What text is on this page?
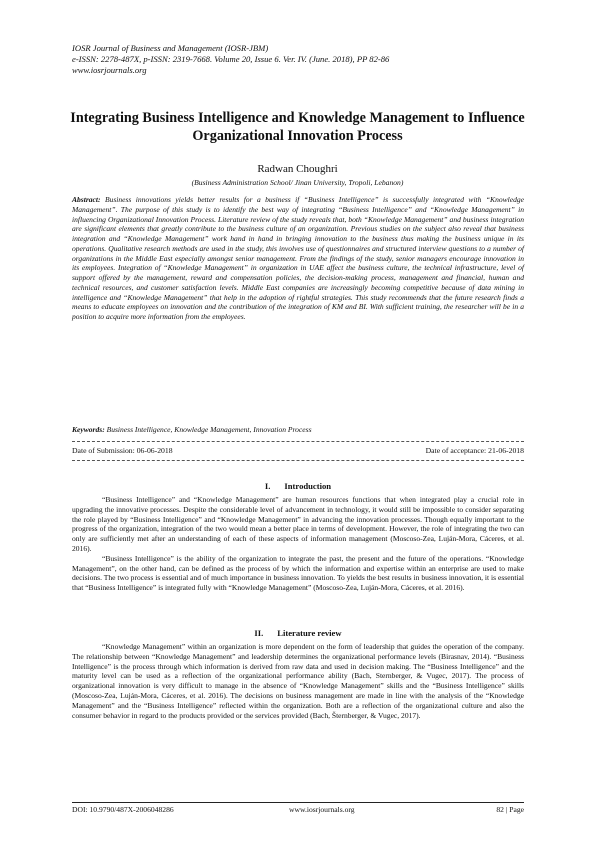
IOSR Journal of Business and Management (IOSR-JBM)
e-ISSN: 2278-487X, p-ISSN: 2319-7668. Volume 20, Issue 6. Ver. IV. (June. 2018), PP 82-86
www.iosrjournals.org
Integrating Business Intelligence and Knowledge Management to Influence Organizational Innovation Process
Radwan Choughri
(Business Administration School/ Jinan University, Tropoli, Lebanon)
Abstract: Business innovations yields better results for a business if “Business Intelligence” is successfully integrated with “Knowledge Management”. The purpose of this study is to identify the best way of integrating “Business Intelligence” and “Knowledge Management” in influencing Organizational Innovation Process. Literature review of the study reveals that, both “Knowledge Management” and business integration are significant elements that greatly contribute to the business culture of an organization. Previous studies on the subject also reveal that business integration and “Knowledge Management” work hand in hand in bringing innovation to the business thus making the business unique in its operations. Qualitative research methods are used in the study, this involves use of questionnaires and structured interview questions to a number of organizations in the Middle East especially amongst senior management. From the findings of the study, senior managers encourage innovation in its employees. Integration of “Knowledge Management” in organization in UAE affect the business culture, the technical infrastructure, level of support offered by the management, reward and compensation policies, the decision-making process, management and financial, human and technical resources, and customer satisfaction levels. Middle East companies are increasingly becoming competitive because of data mining in intelligence and “Knowledge Management” that help in the adoption of rightful strategies. This study recommends that the future research finds a means to educate employees on innovation and the contribution of the integration of KM and BI. With sufficient training, the researcher will be in a position to acquire more information from the employees.
Keywords: Business Intelligence, Knowledge Management, Innovation Process
Date of Submission: 06-06-2018	Date of acceptance: 21-06-2018
I. Introduction

“Business Intelligence” and “Knowledge Management” are human resources functions that when integrated play a crucial role in upgrading the innovative processes. Despite the considerable level of advancement in technology, it would still be impossible to consider separating the role played by “Business Intelligence” and “Knowledge Management” in advancing the innovation processes. Though equally important to the progress of the organization, integration of the two would mean a better place in terms of development. However, the role of integrating the two can only are sufficiently met after an understanding of each of these aspects of information management (Moscoso-Zea, Luján-Mora, Cáceres, et al. 2016).

“Business Intelligence” is the ability of the organization to integrate the past, the present and the future of the operations. “Knowledge Management”, on the other hand, can be defined as the process of by which the information and expertise within an enterprise are used to make decisions. The two process is essential and of much importance in business innovation. To yields the best results in business innovation, it is essential that “Business Intelligence” is integrated fully with “Knowledge Management” (Moscoso-Zea, Luján-Mora, Cáceres, et al. 2016).

II. Literature review

“Knowledge Management” within an organization is more dependent on the form of leadership that guides the operation of the company. The relationship between “Knowledge Management” and leadership determines the organizational performance levels (Birasnav, 2014). “Business Intelligence” is the process through which information is derived from raw data and used in decision making. The “Business Intelligence” and the maturity level can be used as a reflection of the organizational performance ability (Bach, Sternberger, & Vugec, 2017). The process of organizational innovation is very difficult to manage in the absence of “Knowledge Management” skills and the “Business Intelligence” skills (Moscoso-Zea, Luján-Mora, Cáceres, et al. 2016). The decisions on business management are made in line with the analysis of the “Knowledge Management” and the “Business Intelligence” reflected within the organization. Both are a reflection of the organizational culture and also the consumer behavior in regard to the products provided or the services provided (Bach, Šternberger, & Vugec, 2017).

DOI: 10.9790/487X-2006048286	www.iosrjournals.org	82 | Page
